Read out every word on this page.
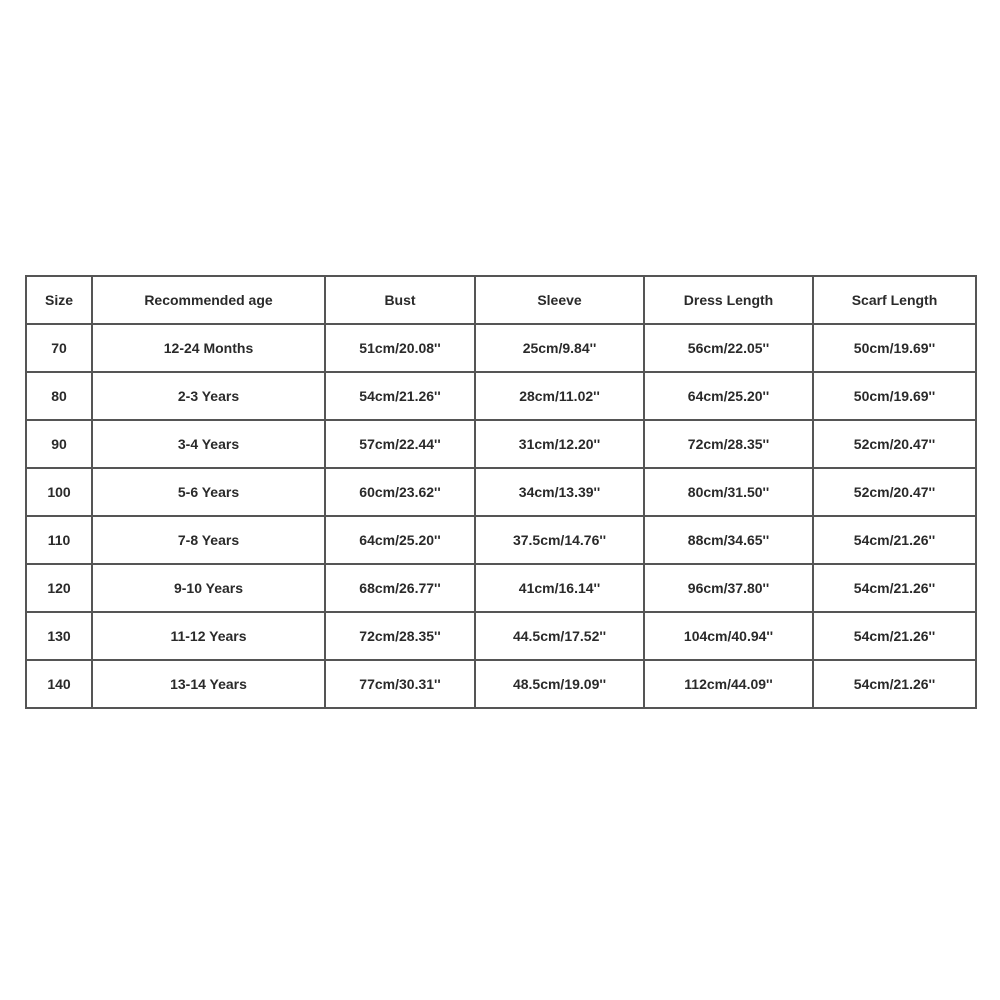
Size	Recommended age	Bust	Sleeve	Dress Length	Scarf Length
70	12-24 Months	51cm/20.08''	25cm/9.84''	56cm/22.05''	50cm/19.69''
80	2-3 Years	54cm/21.26''	28cm/11.02''	64cm/25.20''	50cm/19.69''
90	3-4 Years	57cm/22.44''	31cm/12.20''	72cm/28.35''	52cm/20.47''
100	5-6 Years	60cm/23.62''	34cm/13.39''	80cm/31.50''	52cm/20.47''
110	7-8 Years	64cm/25.20''	37.5cm/14.76''	88cm/34.65''	54cm/21.26''
120	9-10 Years	68cm/26.77''	41cm/16.14''	96cm/37.80''	54cm/21.26''
130	11-12 Years	72cm/28.35''	44.5cm/17.52''	104cm/40.94''	54cm/21.26''
140	13-14 Years	77cm/30.31''	48.5cm/19.09''	112cm/44.09''	54cm/21.26''
